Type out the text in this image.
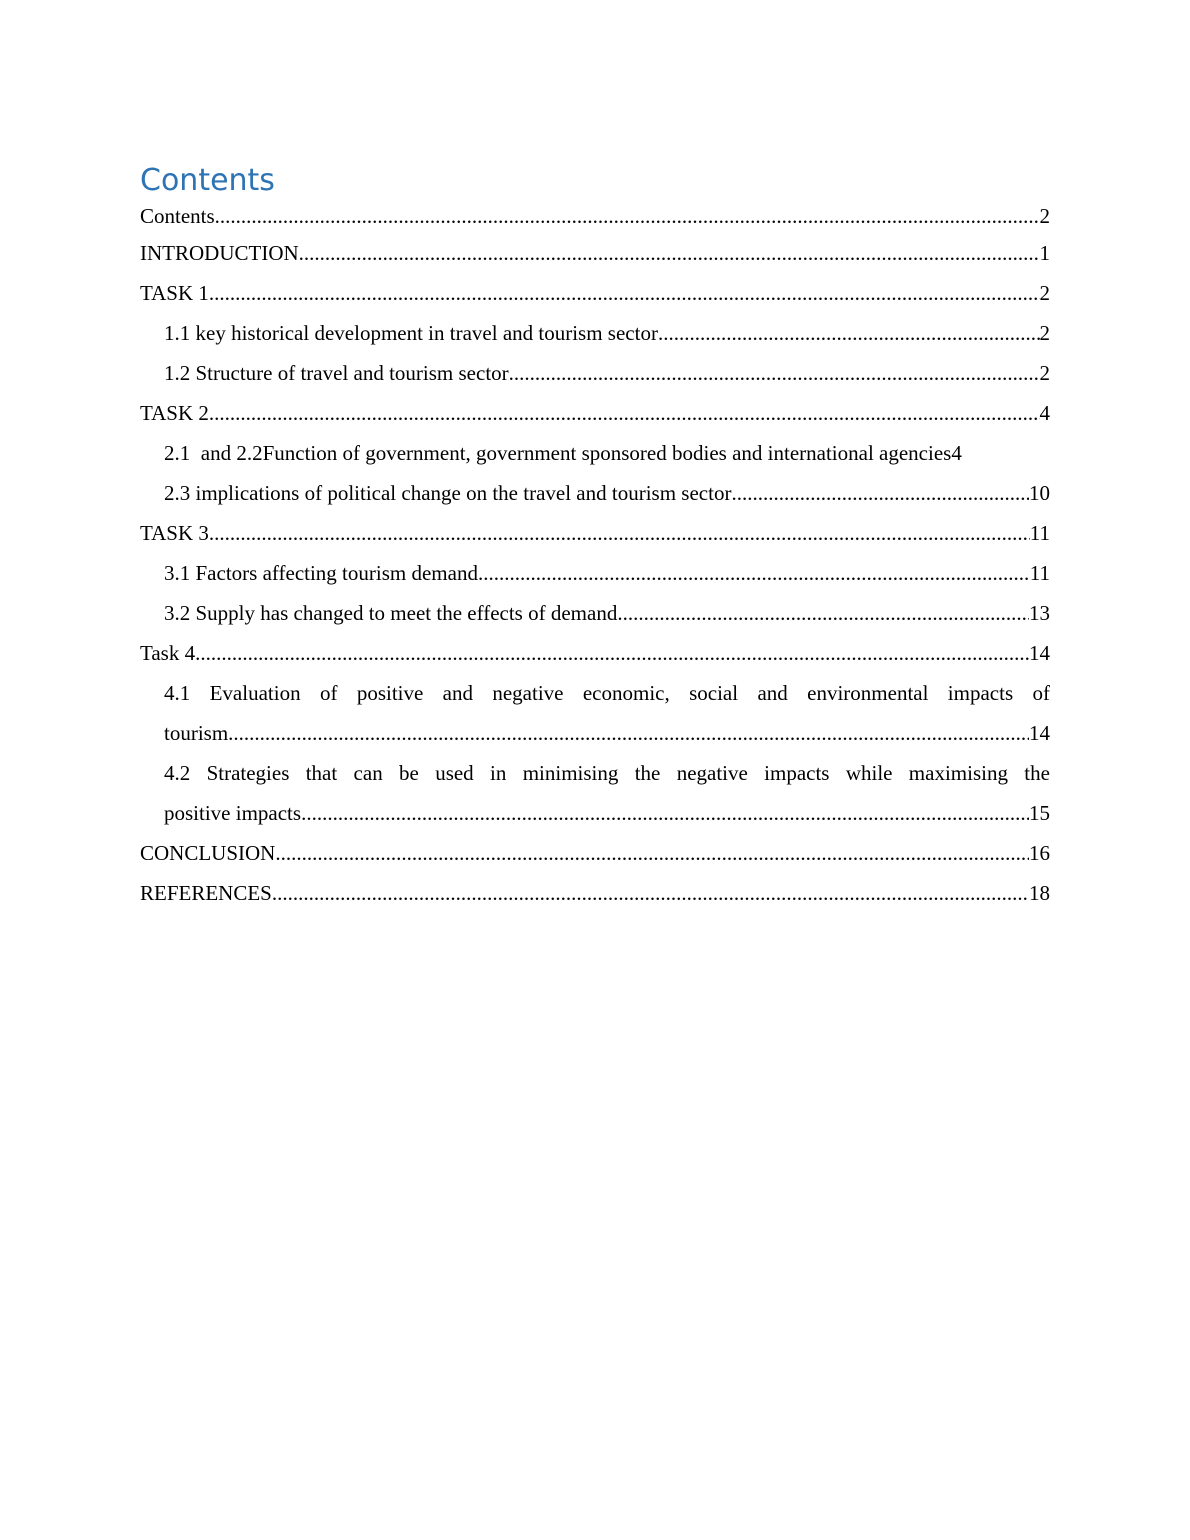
Contents
Contents .....	2
INTRODUCTION .....	1
TASK 1 .....	2
1.1 key historical development in travel and tourism sector .....	2
1.2 Structure of travel and tourism sector .....	2
TASK 2 .....	4
2.1  and 2.2Function of government, government sponsored bodies and international agencies 4
2.3 implications of political change on the travel and tourism sector .....	10
TASK 3 .....	11
3.1 Factors affecting tourism demand .....	11
3.2 Supply has changed to meet the effects of demand .....	13
Task 4 .....	14
4.1 Evaluation of positive and negative economic, social and environmental impacts of
tourism .....	14
4.2 Strategies that can be used in minimising the negative impacts while maximising the
positive impacts .....	15
CONCLUSION .....	16
REFERENCES .....	18
